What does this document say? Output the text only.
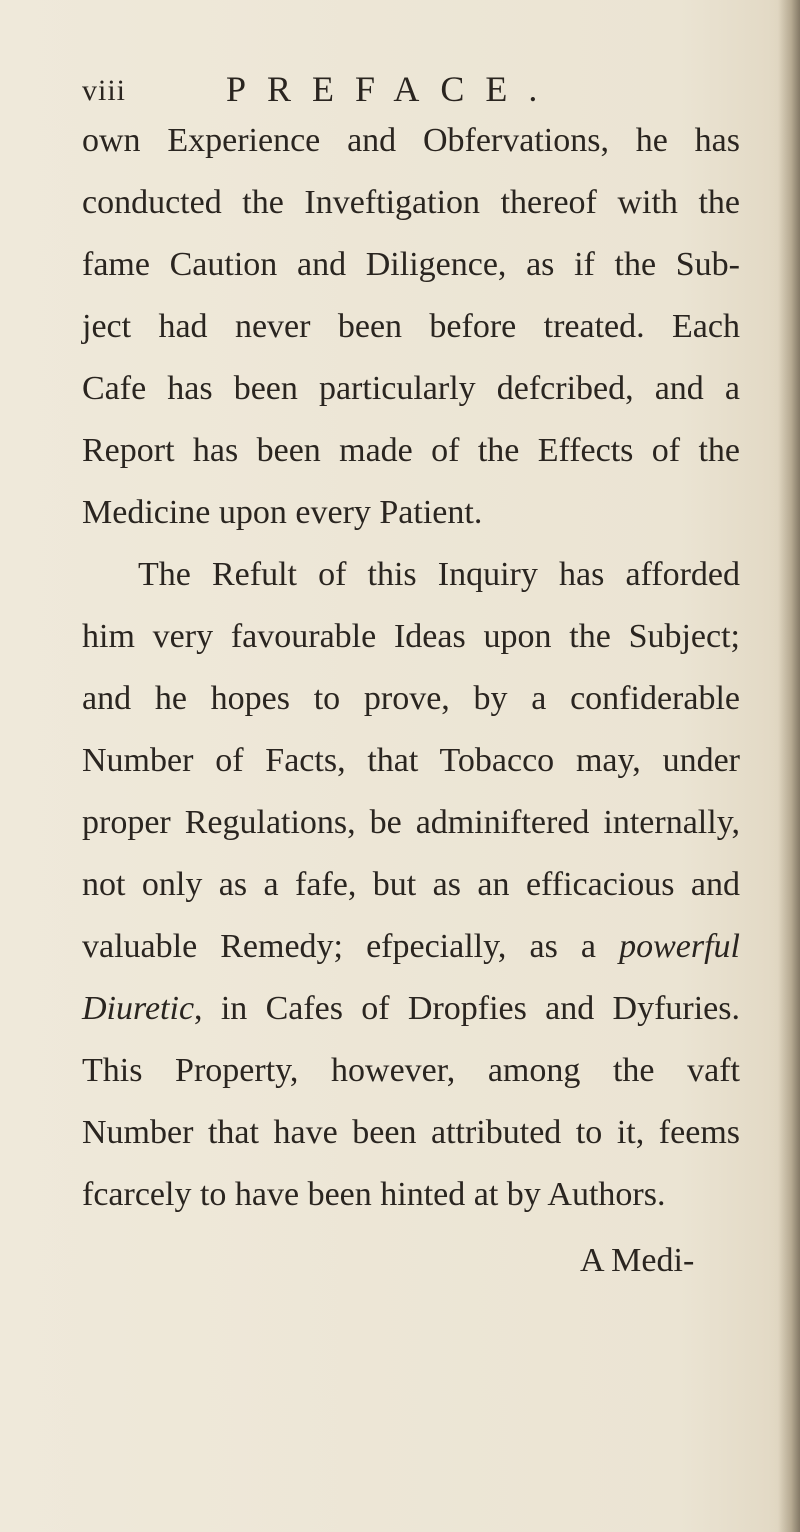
viii	PREFACE.
own Experience and Obfervations, he has
conducted the Inveftigation thereof with the
fame Caution and Diligence, as if the Sub-
ject had never been before treated. Each
Cafe has been particularly defcribed, and a
Report has been made of the Effects of the
Medicine upon every Patient.
The Refult of this Inquiry has afforded
him very favourable Ideas upon the Subject;
and he hopes to prove, by a confiderable
Number of Facts, that Tobacco may, under
proper Regulations, be adminiftered internally,
not only as a fafe, but as an efficacious and
valuable Remedy; efpecially, as a powerful
Diuretic, in Cafes of Dropfies and Dyfuries.
This Property, however, among the vaft
Number that have been attributed to it, feems
fcarcely to have been hinted at by Authors.
A Medi-
